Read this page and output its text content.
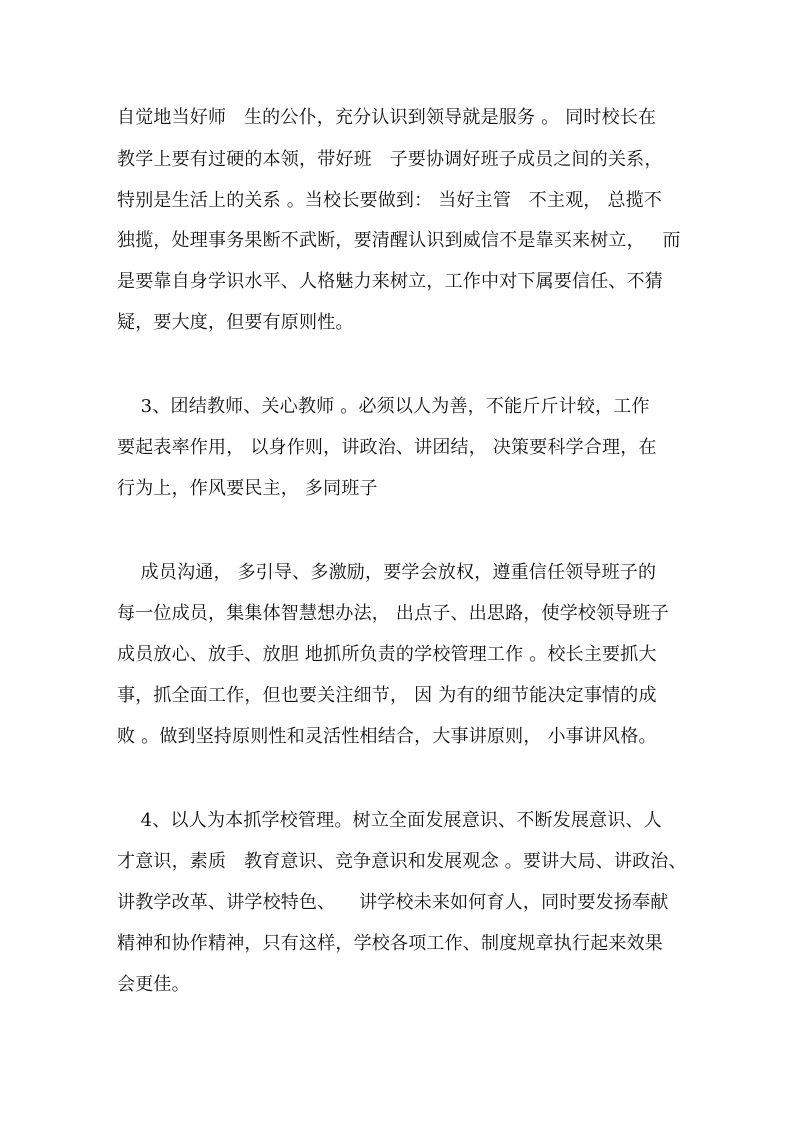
自觉地当好师   生的公仆，充分认识到领导就是服务 。 同时校长在
教学上要有过硬的本领，带好班   子要协调好班子成员之间的关系，
特别是生活上的关系 。当校长要做到： 当好主管   不主观， 总揽不
独揽，处理事务果断不武断，要清醒认识到威信不是靠买来树立，   而
是要靠自身学识水平、人格魅力来树立，工作中对下属要信任、不猜
疑，要大度，但要有原则性。
3、团结教师、关心教师 。必须以人为善，不能斤斤计较，工作
要起表率作用， 以身作则，讲政治、讲团结， 决策要科学合理，在
行为上，作风要民主， 多同班子
成员沟通， 多引导、多激励，要学会放权，遵重信任领导班子的
每一位成员，集集体智慧想办法， 出点子、出思路，使学校领导班子
成员放心、放手、放胆 地抓所负责的学校管理工作 。校长主要抓大
事，抓全面工作，但也要关注细节， 因 为有的细节能决定事情的成
败 。做到坚持原则性和灵活性相结合，大事讲原则， 小事讲风格。
4、以人为本抓学校管理。树立全面发展意识、不断发展意识、人
才意识，素质   教育意识、竞争意识和发展观念 。要讲大局、讲政治、
讲教学改革、讲学校特色、    讲学校未来如何育人，同时要发扬奉献
精神和协作精神，只有这样，学校各项工作、制度规章执行起来效果
会更佳。
